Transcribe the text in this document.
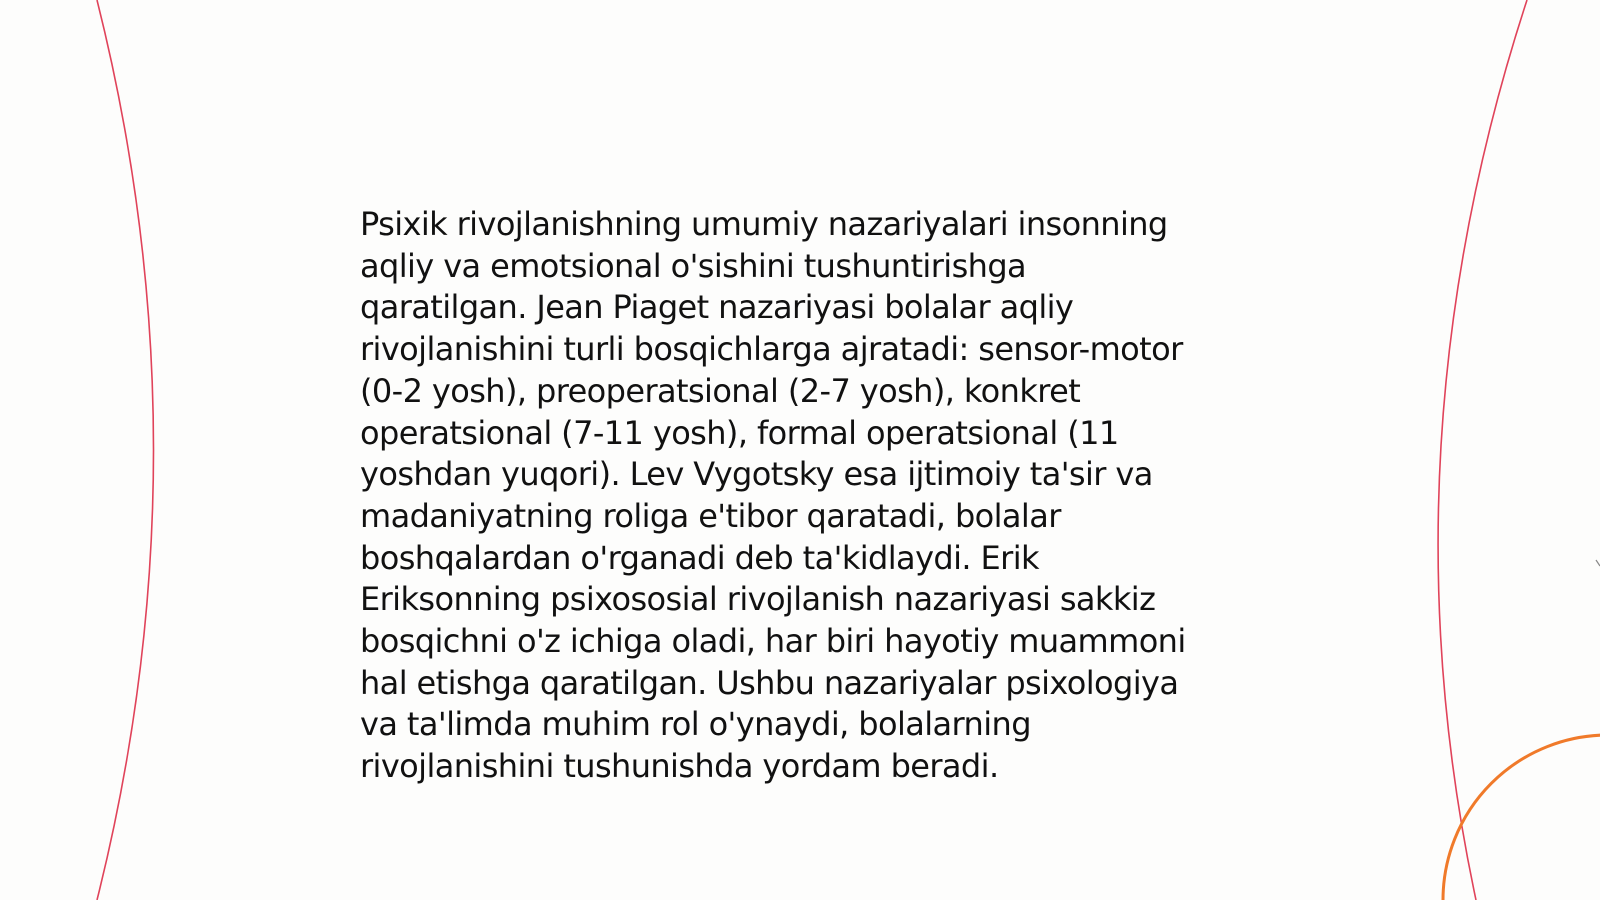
Psixik rivojlanishning umumiy nazariyalari insonning
aqliy va emotsional o'sishini tushuntirishga
qaratilgan. Jean Piaget nazariyasi bolalar aqliy
rivojlanishini turli bosqichlarga ajratadi: sensor-motor
(0-2 yosh), preoperatsional (2-7 yosh), konkret
operatsional (7-11 yosh), formal operatsional (11
yoshdan yuqori). Lev Vygotsky esa ijtimoiy ta'sir va
madaniyatning roliga e'tibor qaratadi, bolalar
boshqalardan o'rganadi deb ta'kidlaydi. Erik
Eriksonning psixososial rivojlanish nazariyasi sakkiz
bosqichni o'z ichiga oladi, har biri hayotiy muammoni
hal etishga qaratilgan. Ushbu nazariyalar psixologiya
va ta'limda muhim rol o'ynaydi, bolalarning
rivojlanishini tushunishda yordam beradi.
